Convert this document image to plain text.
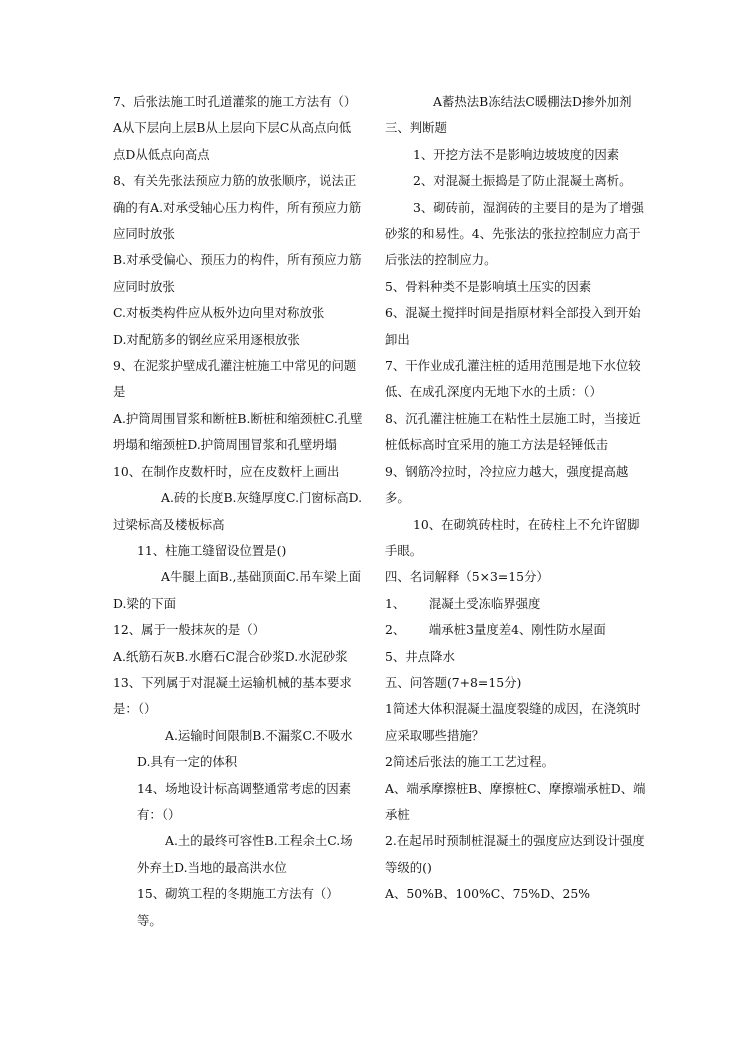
7、后张法施工时孔道灌浆的施工方法有（）

A从下层向上层B从上层向下层C从高点向低点D从低点向高点

8、有关先张法预应力筋的放张顺序，说法正确的有A.对承受轴心压力构件，所有预应力筋应同时放张

B.对承受偏心、预压力的构件，所有预应力筋应同时放张

C.对板类构件应从板外边向里对称放张

D.对配筋多的钢丝应采用逐根放张

9、在泥浆护壁成孔灌注桩施工中常见的问题是

A.护筒周围冒浆和断桩B.断桩和缩颈桩C.孔壁坍塌和缩颈桩D.护筒周围冒浆和孔壁坍塌

10、在制作皮数杆时，应在皮数杆上画出

A.砖的长度B.灰缝厚度C.门窗标高D.过梁标高及楼板标高

11、柱施工缝留设位置是()

A牛腿上面B.,基础顶面C.吊车梁上面D.梁的下面

12、属于一般抹灰的是（）

A.纸筋石灰B.水磨石C混合砂浆D.水泥砂浆

13、下列属于对混凝土运输机械的基本要求是：（）

A.运输时间限制B.不漏浆C.不吸水D.具有一定的体积

14、场地设计标高调整通常考虑的因素有：（）

A.土的最终可容性B.工程余土C.场外弃土D.当地的最高洪水位

15、砌筑工程的冬期施工方法有（）等。

A蓄热法B冻结法C暖棚法D掺外加剂

三、判断题

1、开挖方法不是影响边坡坡度的因素

2、对混凝土振捣是了防止混凝土离析。

3、砌砖前，湿润砖的主要目的是为了增强砂浆的和易性。4、先张法的张拉控制应力高于后张法的控制应力。

5、骨料种类不是影响填土压实的因素

6、混凝土搅拌时间是指原材料全部投入到开始卸出

7、干作业成孔灌注桩的适用范围是地下水位较低、在成孔深度内无地下水的土质：（）

8、沉孔灌注桩施工在粘性土层施工时，当接近桩低标高时宜采用的施工方法是轻锤低击

9、钢筋冷拉时，冷拉应力越大，强度提高越多。

10、在砌筑砖柱时，在砖柱上不允许留脚手眼。

四、名词解释（5×3=15分）

1、      混凝土受冻临界强度

2、      端承桩3量度差4、刚性防水屋面

5、井点降水

五、问答题(7+8=15分)

1简述大体积混凝土温度裂缝的成因，在浇筑时应采取哪些措施？

2简述后张法的施工工艺过程。

A、端承摩擦桩B、摩擦桩C、摩擦端承桩D、端承桩

2.在起吊时预制桩混凝土的强度应达到设计强度等级的()

A、50%B、100%C、75%D、25%
